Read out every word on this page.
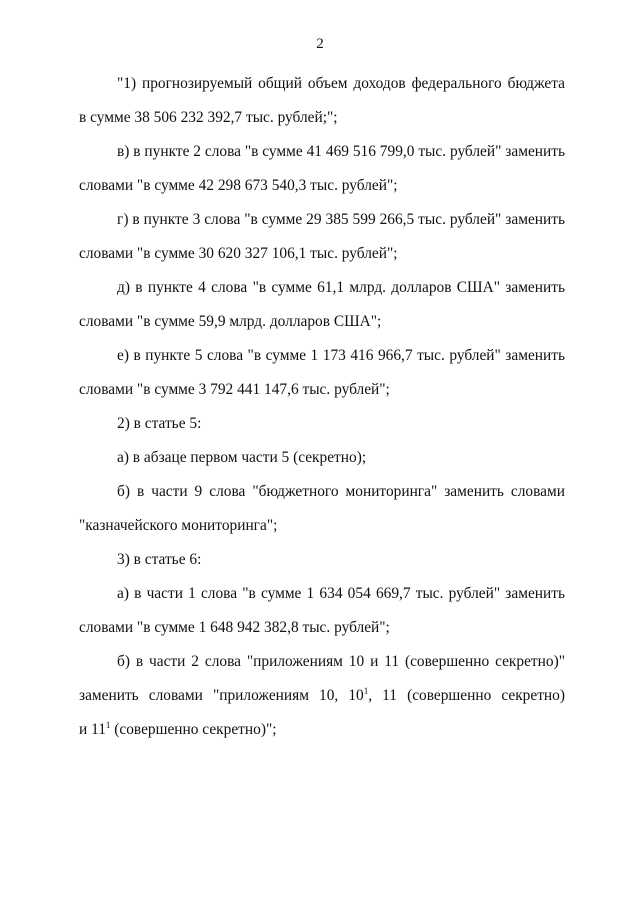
2
"1) прогнозируемый общий объем доходов федерального бюджета
в сумме 38 506 232 392,7 тыс. рублей;";
в) в пункте 2 слова "в сумме 41 469 516 799,0 тыс. рублей" заменить
словами "в сумме 42 298 673 540,3 тыс. рублей";
г) в пункте 3 слова "в сумме 29 385 599 266,5 тыс. рублей" заменить
словами "в сумме 30 620 327 106,1 тыс. рублей";
д) в пункте 4 слова "в сумме 61,1 млрд. долларов США" заменить
словами "в сумме 59,9 млрд. долларов США";
е) в пункте 5 слова "в сумме 1 173 416 966,7 тыс. рублей" заменить
словами "в сумме 3 792 441 147,6 тыс. рублей";
2) в статье 5:
а) в абзаце первом части 5 (секретно);
б) в части 9 слова "бюджетного мониторинга" заменить словами
"казначейского мониторинга";
3) в статье 6:
а) в части 1 слова "в сумме 1 634 054 669,7 тыс. рублей" заменить
словами "в сумме 1 648 942 382,8 тыс. рублей";
б) в части 2 слова "приложениям 10 и 11 (совершенно секретно)"
заменить словами "приложениям 10, $10^1$, 11 (совершенно секретно)
и $11^1$ (совершенно секретно)";
